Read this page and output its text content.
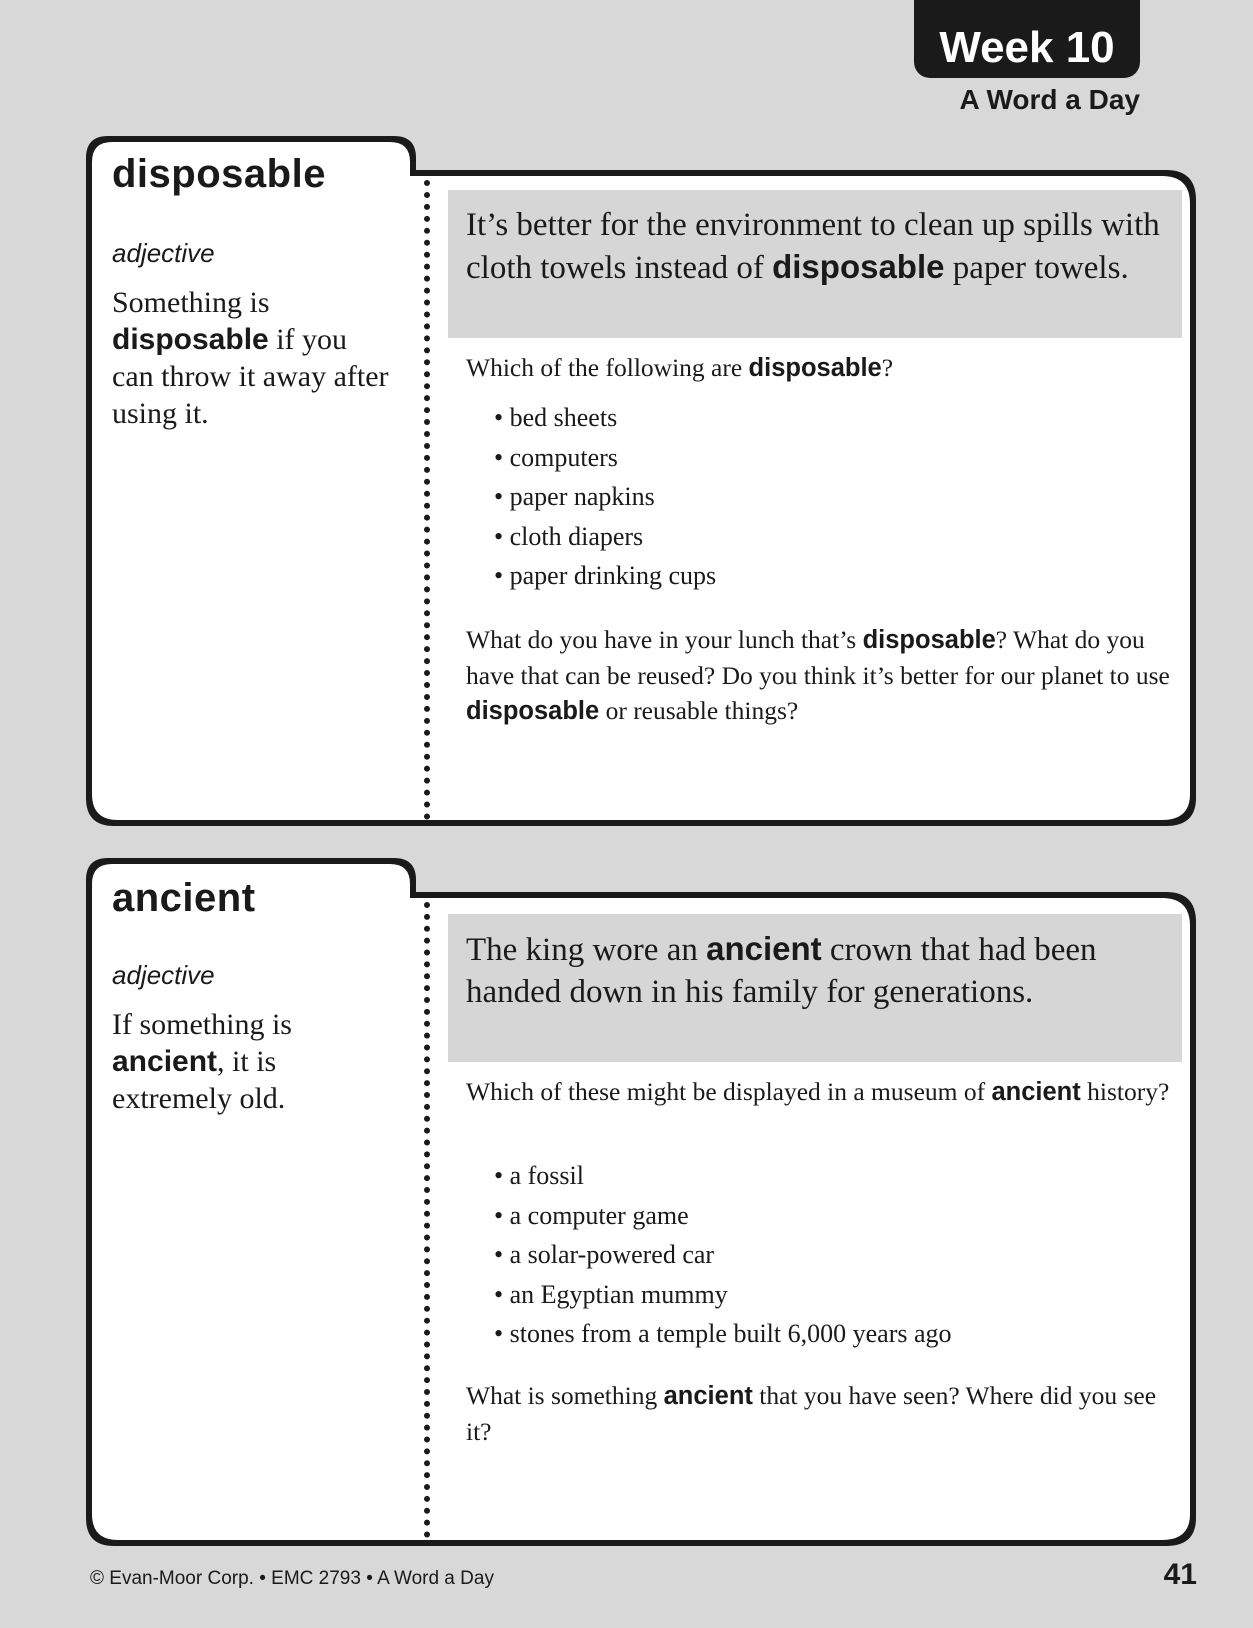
Week 10
A Word a Day
disposable
adjective
Something is disposable if you can throw it away after using it.
It’s better for the environment to clean up spills with cloth towels instead of disposable paper towels.
Which of the following are disposable?
• bed sheets
• computers
• paper napkins
• cloth diapers
• paper drinking cups
What do you have in your lunch that’s disposable? What do you have that can be reused? Do you think it’s better for our planet to use disposable or reusable things?
ancient
adjective
If something is ancient, it is extremely old.
The king wore an ancient crown that had been handed down in his family for generations.
Which of these might be displayed in a museum of ancient history?
• a fossil
• a computer game
• a solar-powered car
• an Egyptian mummy
• stones from a temple built 6,000 years ago
What is something ancient that you have seen? Where did you see it?
© Evan-Moor Corp. • EMC 2793 • A Word a Day	41
